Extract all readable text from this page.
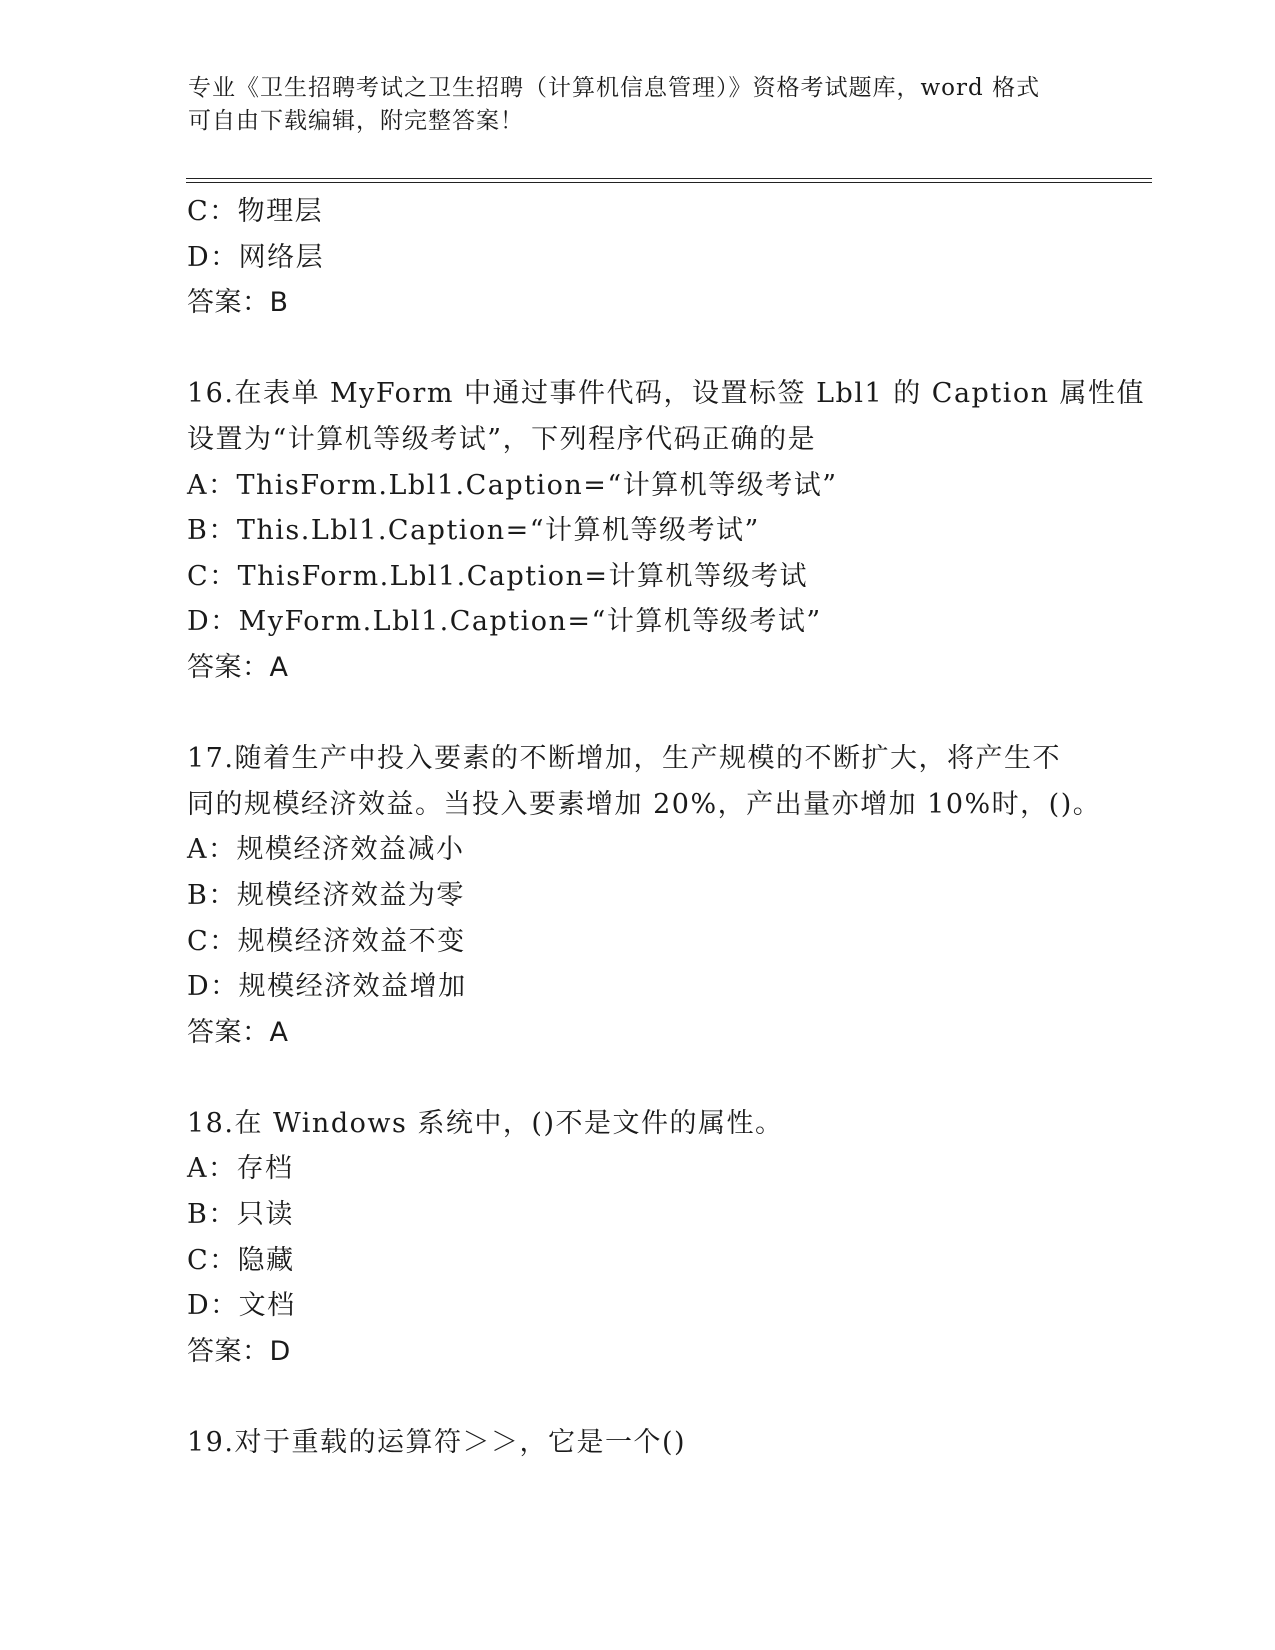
专业《卫生招聘考试之卫生招聘（计算机信息管理）》资格考试题库，word 格式
可自由下载编辑，附完整答案！
C：物理层
D：网络层
答案：B
16.在表单 MyForm 中通过事件代码，设置标签 Lbl1 的 Caption 属性值
设置为“计算机等级考试”，下列程序代码正确的是
A：ThisForm.Lbl1.Caption=“计算机等级考试”
B：This.Lbl1.Caption=“计算机等级考试”
C：ThisForm.Lbl1.Caption=计算机等级考试
D：MyForm.Lbl1.Caption=“计算机等级考试”
答案：A
17.随着生产中投入要素的不断增加，生产规模的不断扩大，将产生不
同的规模经济效益。当投入要素增加 20%，产出量亦增加 10%时，()。
A：规模经济效益减小
B：规模经济效益为零
C：规模经济效益不变
D：规模经济效益增加
答案：A
18.在 Windows 系统中，()不是文件的属性。
A：存档
B：只读
C：隐藏
D：文档
答案：D
19.对于重载的运算符＞＞，它是一个()
